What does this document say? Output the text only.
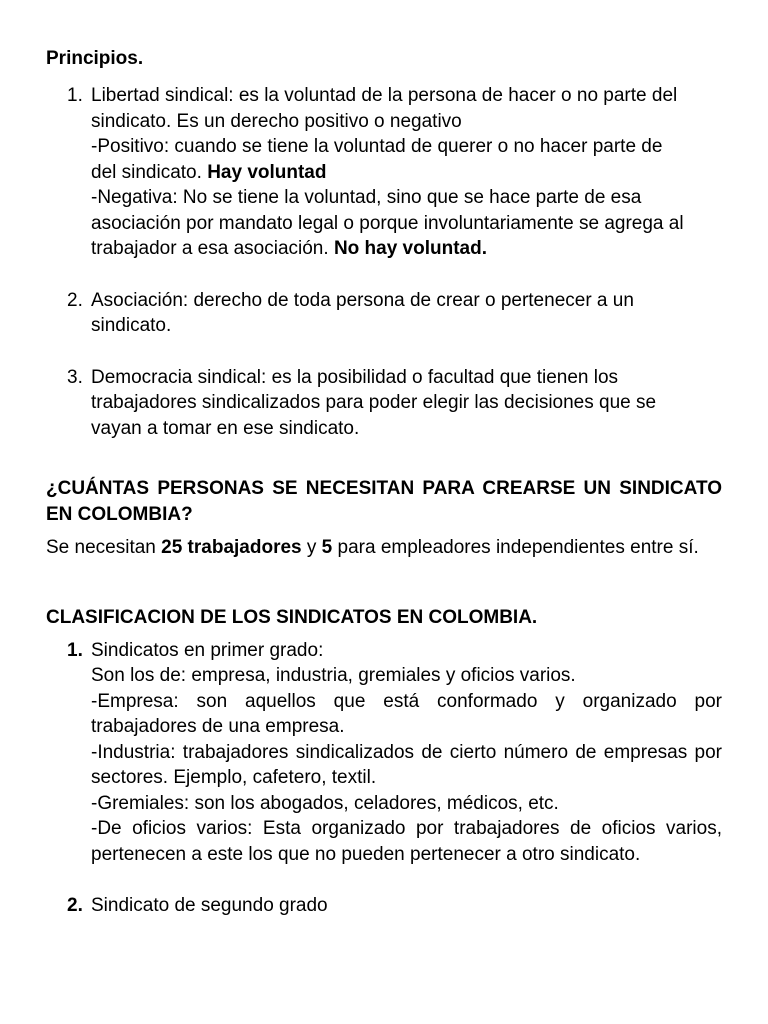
Principios.
1. Libertad sindical: es la voluntad de la persona de hacer o no parte del
sindicato. Es un derecho positivo o negativo
-Positivo: cuando se tiene la voluntad de querer o no hacer parte de
del sindicato. Hay voluntad
-Negativa: No se tiene la voluntad, sino que se hace parte de esa
asociación por mandato legal o porque involuntariamente se agrega al
trabajador a esa asociación. No hay voluntad.
2. Asociación: derecho de toda persona de crear o pertenecer a un
sindicato.
3. Democracia sindical: es la posibilidad o facultad que tienen los
trabajadores sindicalizados para poder elegir las decisiones que se
vayan a tomar en ese sindicato.
¿CUÁNTAS PERSONAS SE NECESITAN PARA CREARSE UN SINDICATO EN COLOMBIA?

Se necesitan 25 trabajadores y 5 para empleadores independientes entre sí.

CLASIFICACION DE LOS SINDICATOS EN COLOMBIA.
1. Sindicatos en primer grado:
Son los de: empresa, industria, gremiales y oficios varios.
-Empresa: son aquellos que está conformado y organizado por trabajadores de una empresa.
-Industria: trabajadores sindicalizados de cierto número de empresas por sectores. Ejemplo, cafetero, textil.
-Gremiales: son los abogados, celadores, médicos, etc.
-De oficios varios: Esta organizado por trabajadores de oficios varios, pertenecen a este los que no pueden pertenecer a otro sindicato.
2. Sindicato de segundo grado
